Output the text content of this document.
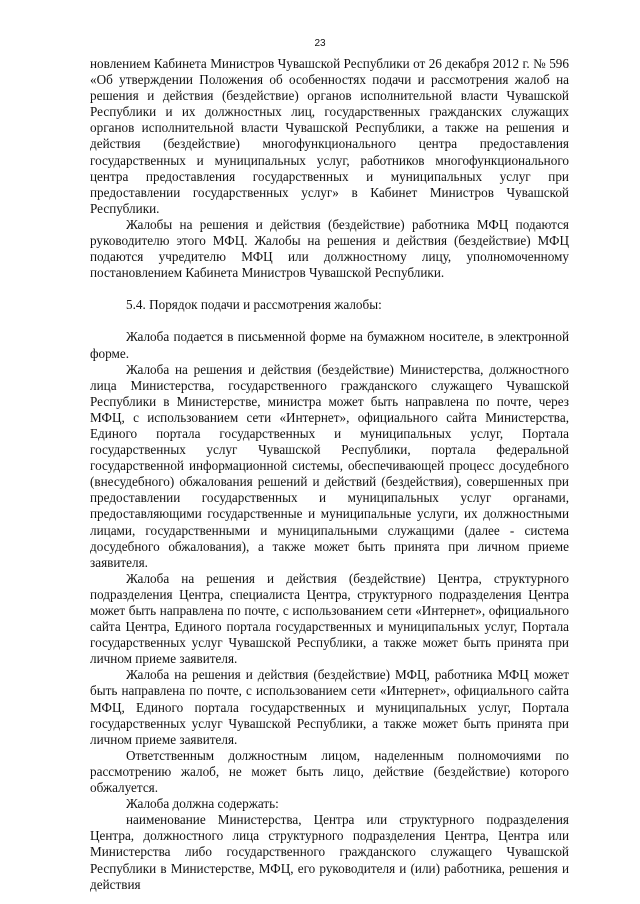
23

новлением Кабинета Министров Чувашской Республики от 26 декабря 2012 г. № 596 «Об утверждении Положения об особенностях подачи и рассмотрения жалоб на решения и действия (бездействие) органов исполнительной власти Чувашской Республики и их должностных лиц, государственных гражданских служащих органов исполнительной власти Чувашской Республики, а также на решения и действия (бездействие) многофункционального центра предоставления государственных и муниципальных услуг, работников многофункционального центра предоставления государственных и муниципальных услуг при предоставлении государственных услуг» в Кабинет Министров Чувашской Республики.

Жалобы на решения и действия (бездействие) работника МФЦ подаются руководителю этого МФЦ. Жалобы на решения и действия (бездействие) МФЦ подаются учредителю МФЦ или должностному лицу, уполномоченному постановлением Кабинета Министров Чувашской Республики.

5.4. Порядок подачи и рассмотрения жалобы:

Жалоба подается в письменной форме на бумажном носителе, в электронной форме.

Жалоба на решения и действия (бездействие) Министерства, должностного лица Министерства, государственного гражданского служащего Чувашской Республики в Министерстве, министра может быть направлена по почте, через МФЦ, с использованием сети «Интернет», официального сайта Министерства, Единого портала государственных и муниципальных услуг, Портала государственных услуг Чувашской Республики, портала федеральной государственной информационной системы, обеспечивающей процесс досудебного (внесудебного) обжалования решений и действий (бездействия), совершенных при предоставлении государственных и муниципальных услуг органами, предоставляющими государственные и муниципальные услуги, их должностными лицами, государственными и муниципальными служащими (далее - система досудебного обжалования), а также может быть принята при личном приеме заявителя.

Жалоба на решения и действия (бездействие) Центра, структурного подразделения Центра, специалиста Центра, структурного подразделения Центра может быть направлена по почте, с использованием сети «Интернет», официального сайта Центра, Единого портала государственных и муниципальных услуг, Портала государственных услуг Чувашской Республики, а также может быть принята при личном приеме заявителя.

Жалоба на решения и действия (бездействие) МФЦ, работника МФЦ может быть направлена по почте, с использованием сети «Интернет», официального сайта МФЦ, Единого портала государственных и муниципальных услуг, Портала государственных услуг Чувашской Республики, а также может быть принята при личном приеме заявителя.

Ответственным должностным лицом, наделенным полномочиями по рассмотрению жалоб, не может быть лицо, действие (бездействие) которого обжалуется.

Жалоба должна содержать:

наименование Министерства, Центра или структурного подразделения Центра, должностного лица структурного подразделения Центра, Центра или Министерства либо государственного гражданского служащего Чувашской Республики в Министерстве, МФЦ, его руководителя и (или) работника, решения и действия
